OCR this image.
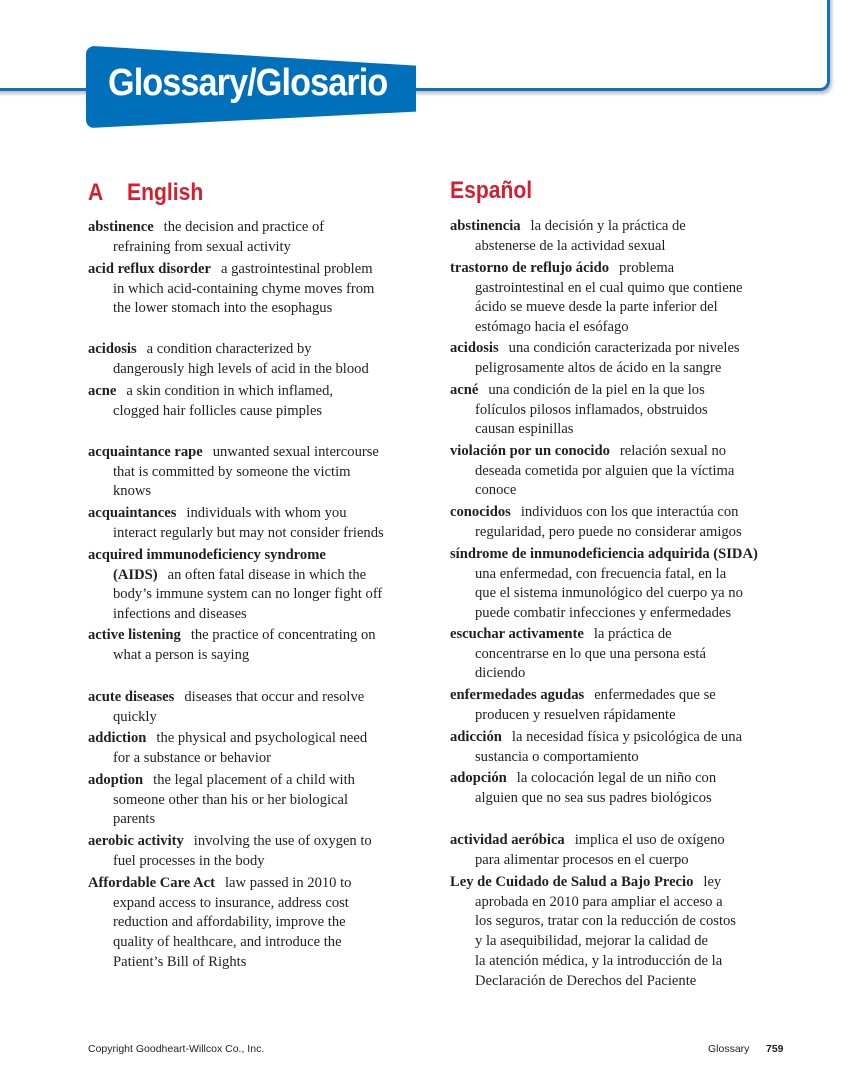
Glossary/Glosario
A English	Español
abstinence the decision and practice of
refraining from sexual activity
acid reflux disorder a gastrointestinal problem
in which acid-containing chyme moves from
the lower stomach into the esophagus
acidosis a condition characterized by
dangerously high levels of acid in the blood
acne a skin condition in which inflamed,
clogged hair follicles cause pimples
acquaintance rape unwanted sexual intercourse
that is committed by someone the victim
knows
acquaintances individuals with whom you
interact regularly but may not consider friends
acquired immunodeficiency syndrome
(AIDS) an often fatal disease in which the
body’s immune system can no longer fight off
infections and diseases
active listening the practice of concentrating on
what a person is saying
acute diseases diseases that occur and resolve
quickly
addiction the physical and psychological need
for a substance or behavior
adoption the legal placement of a child with
someone other than his or her biological
parents
aerobic activity involving the use of oxygen to
fuel processes in the body
Affordable Care Act law passed in 2010 to
expand access to insurance, address cost
reduction and affordability, improve the
quality of healthcare, and introduce the
Patient’s Bill of Rights
abstinencia la decisión y la práctica de
abstenerse de la actividad sexual
trastorno de reflujo ácido problema
gastrointestinal en el cual quimo que contiene
ácido se mueve desde la parte inferior del
estómago hacia el esófago
acidosis una condición caracterizada por niveles
peligrosamente altos de ácido en la sangre
acné una condición de la piel en la que los
folículos pilosos inflamados, obstruidos
causan espinillas
violación por un conocido relación sexual no
deseada cometida por alguien que la víctima
conoce
conocidos individuos con los que interactúa con
regularidad, pero puede no considerar amigos
síndrome de inmunodeficiencia adquirida (SIDA)
una enfermedad, con frecuencia fatal, en la
que el sistema inmunológico del cuerpo ya no
puede combatir infecciones y enfermedades
escuchar activamente la práctica de
concentrarse en lo que una persona está
diciendo
enfermedades agudas enfermedades que se
producen y resuelven rápidamente
adicción la necesidad física y psicológica de una
sustancia o comportamiento
adopción la colocación legal de un niño con
alguien que no sea sus padres biológicos
actividad aeróbica implica el uso de oxígeno
para alimentar procesos en el cuerpo
Ley de Cuidado de Salud a Bajo Precio ley
aprobada en 2010 para ampliar el acceso a
los seguros, tratar con la reducción de costos
y la asequibilidad, mejorar la calidad de
la atención médica, y la introducción de la
Declaración de Derechos del Paciente
Copyright Goodheart-Willcox Co., Inc.	Glossary 759
